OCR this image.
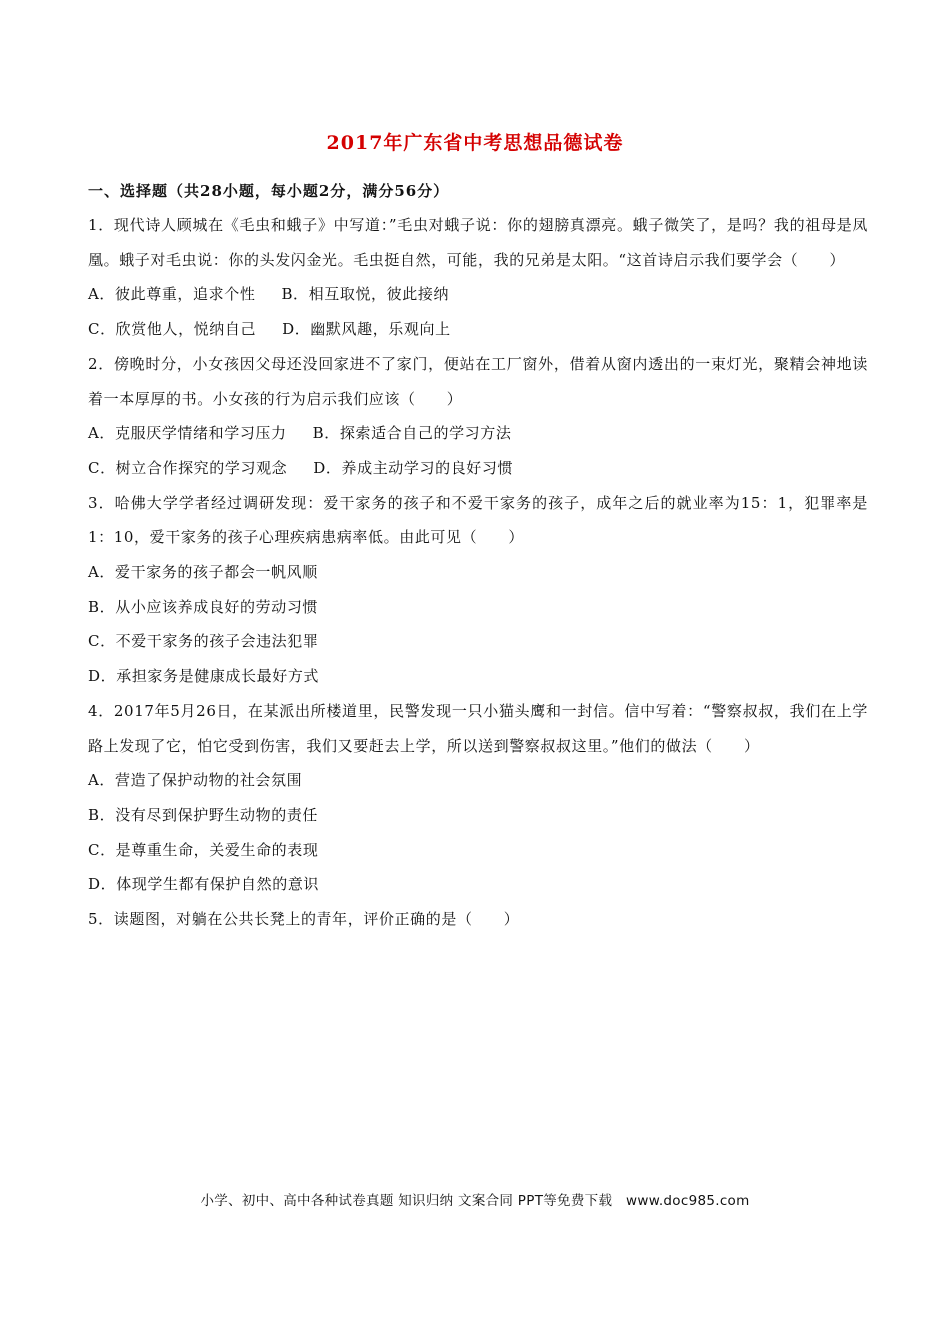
2017年广东省中考思想品德试卷
一、选择题（共28小题，每小题2分，满分56分）

1．现代诗人顾城在《毛虫和蛾子》中写道：”毛虫对蛾子说：你的翅膀真漂亮。蛾子微笑了，是吗？我的祖母是凤凰。蛾子对毛虫说：你的头发闪金光。毛虫挺自然，可能，我的兄弟是太阳。“这首诗启示我们要学会（　　）

A．彼此尊重，追求个性 B．相互取悦，彼此接纳
C．欣赏他人，悦纳自己 D．幽默风趣，乐观向上

2．傍晚时分，小女孩因父母还没回家进不了家门，便站在工厂窗外，借着从窗内透出的一束灯光，聚精会神地读着一本厚厚的书。小女孩的行为启示我们应该（　　）

A．克服厌学情绪和学习压力 B．探索适合自己的学习方法
C．树立合作探究的学习观念 D．养成主动学习的良好习惯

3．哈佛大学学者经过调研发现：爱干家务的孩子和不爱干家务的孩子，成年之后的就业率为15：1，犯罪率是1：10，爱干家务的孩子心理疾病患病率低。由此可见（　　）

A．爱干家务的孩子都会一帆风顺

B．从小应该养成良好的劳动习惯

C．不爱干家务的孩子会违法犯罪

D．承担家务是健康成长最好方式

4．2017年5月26日，在某派出所楼道里，民警发现一只小猫头鹰和一封信。信中写着：“警察叔叔，我们在上学路上发现了它，怕它受到伤害，我们又要赶去上学，所以送到警察叔叔这里。”他们的做法（　　）

A．营造了保护动物的社会氛围

B．没有尽到保护野生动物的责任

C．是尊重生命，关爱生命的表现

D．体现学生都有保护自然的意识

5．读题图，对躺在公共长凳上的青年，评价正确的是（　　）

小学、初中、高中各种试卷真题 知识归纳 文案合同 PPT等免费下载　www.doc985.com
